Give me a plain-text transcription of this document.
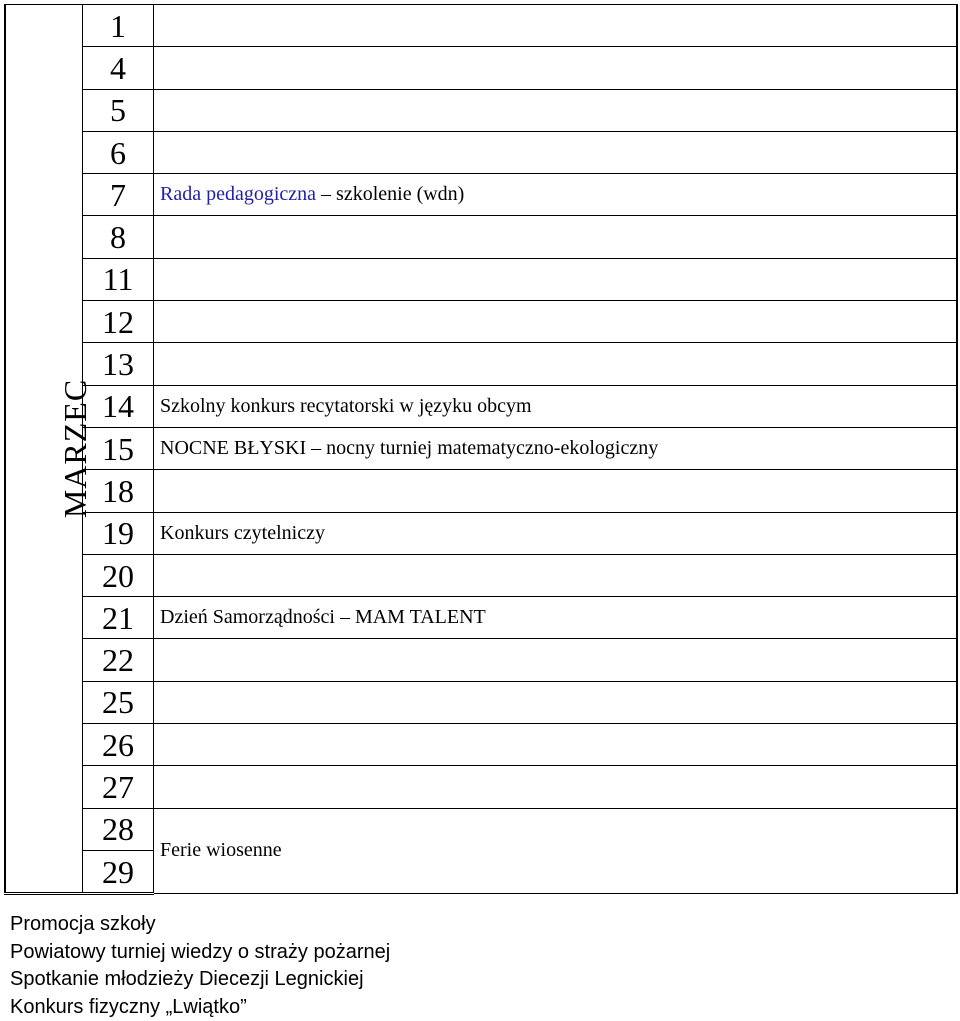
MARZEC	1	
	4	
	5	
	6	
	7	Rada pedagogiczna – szkolenie (wdn)
	8	
	11	
	12	
	13	
	14	Szkolny konkurs recytatorski w języku obcym
	15	NOCNE BŁYSKI – nocny turniej matematyczno-ekologiczny
	18	
	19	Konkurs czytelniczy
	20	
	21	Dzień Samorządności – MAM TALENT
	22	
	25	
	26	
	27	
	28	Ferie wiosenne
	29	
Promocja szkoły
Powiatowy turniej wiedzy o straży pożarnej
Spotkanie młodzieży Diecezji Legnickiej
Konkurs fizyczny „Lwiątko”
